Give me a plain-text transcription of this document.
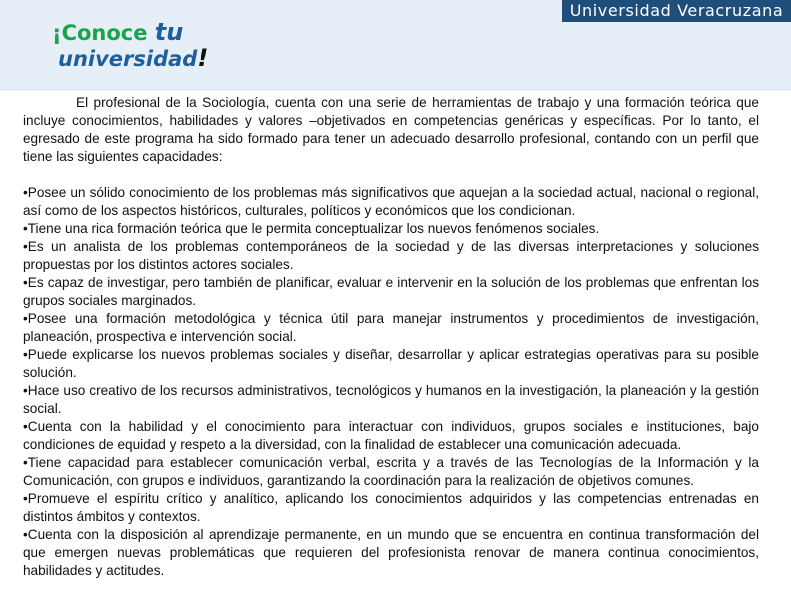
Universidad Veracruzana
¡Conoce tu
universidad!

El profesional de la Sociología, cuenta con una serie de herramientas de trabajo y una formación teórica que incluye conocimientos, habilidades y valores –objetivados en competencias genéricas y específicas. Por lo tanto, el egresado de este programa ha sido formado para tener un adecuado desarrollo profesional, contando con un perfil que tiene las siguientes capacidades:

•Posee un sólido conocimiento de los problemas más significativos que aquejan a la sociedad actual, nacional o regional, así como de los aspectos históricos, culturales, políticos y económicos que los condicionan.

•Tiene una rica formación teórica que le permita conceptualizar los nuevos fenómenos sociales.

•Es un analista de los problemas contemporáneos de la sociedad y de las diversas interpretaciones y soluciones propuestas por los distintos actores sociales.

•Es capaz de investigar, pero también de planificar, evaluar e intervenir en la solución de los problemas que enfrentan los grupos sociales marginados.

•Posee una formación metodológica y técnica útil para manejar instrumentos y procedimientos de investigación, planeación, prospectiva e intervención social.

•Puede explicarse los nuevos problemas sociales y diseñar, desarrollar y aplicar estrategias operativas para su posible solución.

•Hace uso creativo de los recursos administrativos, tecnológicos y humanos en la investigación, la planeación y la gestión social.

•Cuenta con la habilidad y el conocimiento para interactuar con individuos, grupos sociales e instituciones, bajo condiciones de equidad y respeto a la diversidad, con la finalidad de establecer una comunicación adecuada.

•Tiene capacidad para establecer comunicación verbal, escrita y a través de las Tecnologías de la Información y la Comunicación, con grupos e individuos, garantizando la coordinación para la realización de objetivos comunes.

•Promueve el espíritu crítico y analítico, aplicando los conocimientos adquiridos y las competencias entrenadas en distintos ámbitos y contextos.

•Cuenta con la disposición al aprendizaje permanente, en un mundo que se encuentra en continua transformación del que emergen nuevas problemáticas que requieren del profesionista renovar de manera continua conocimientos, habilidades y actitudes.
